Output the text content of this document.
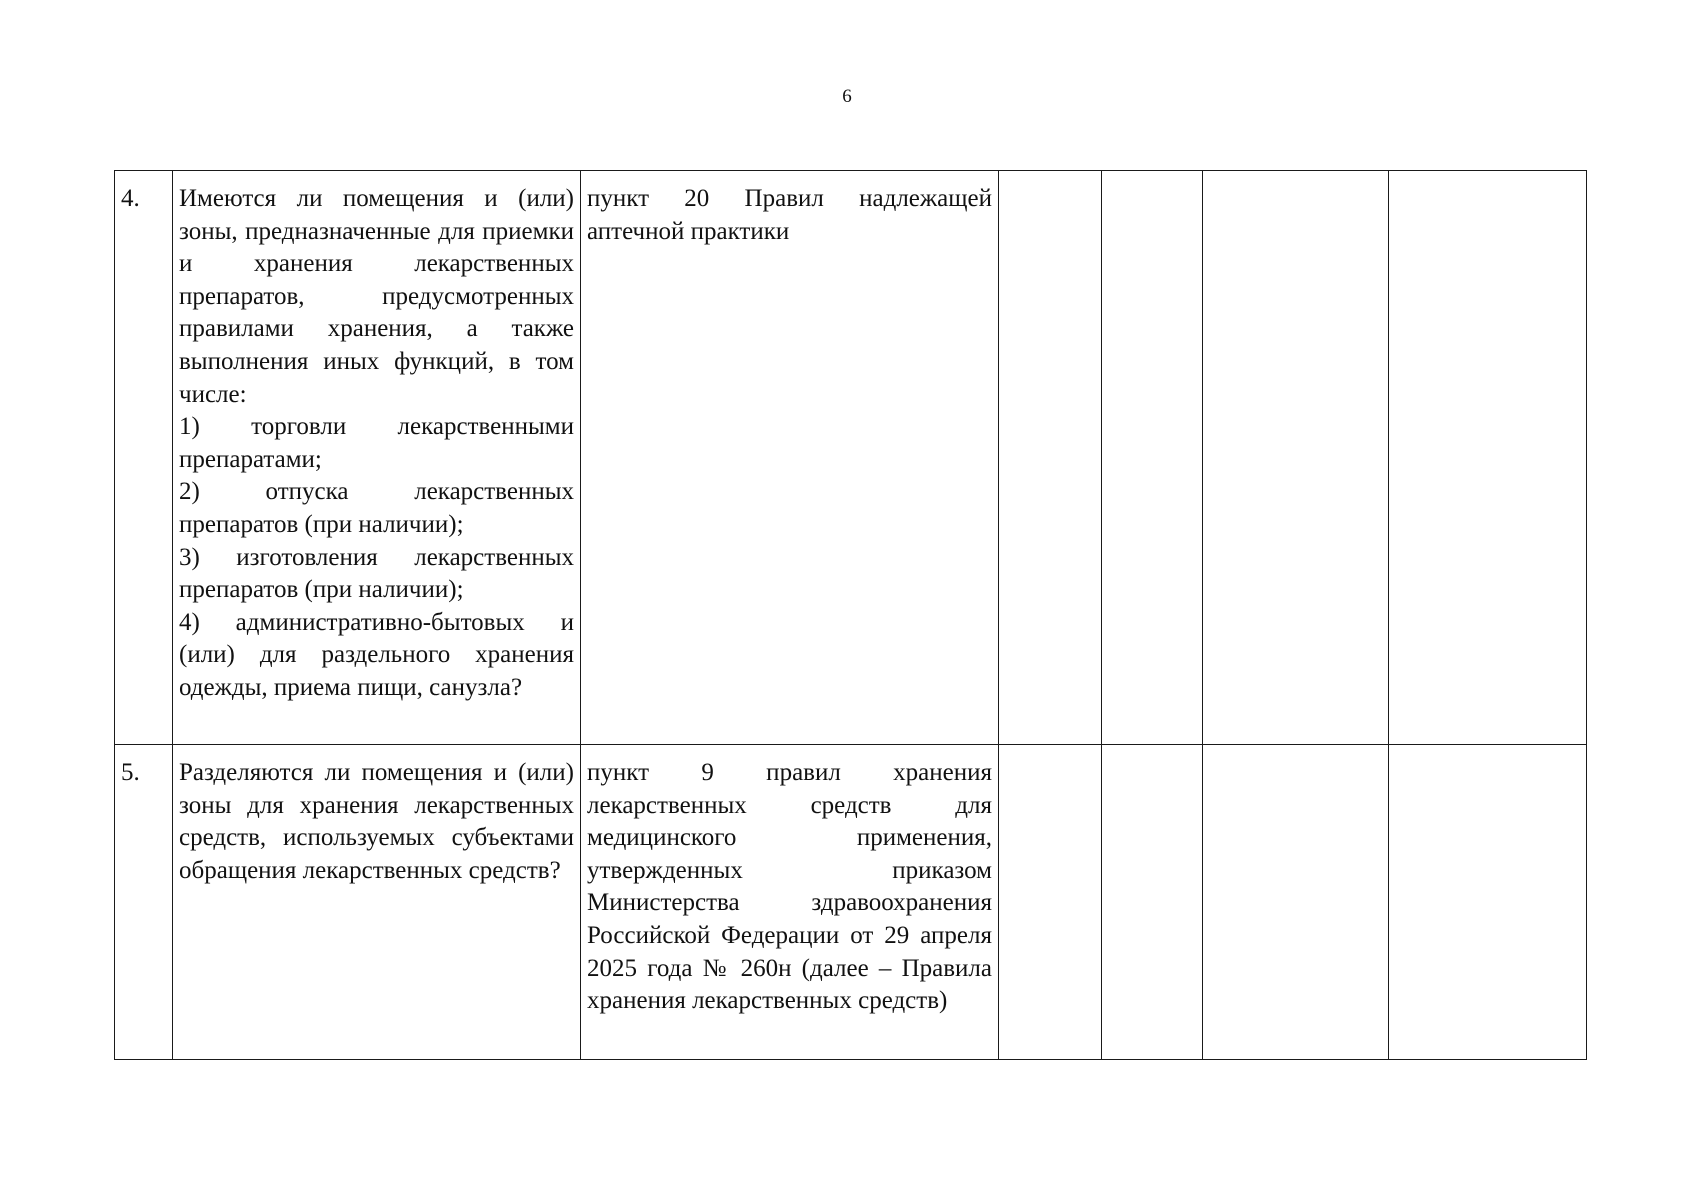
6
4.	Имеются ли помещения и (или) зоны, предназначенные для приемки и хранения лекарственных препаратов, предусмотренных правилами хранения, а также выполнения иных функций, в том числе:
1) торговли лекарственными препаратами;
2) отпуска лекарственных препаратов (при наличии);
3) изготовления лекарственных препаратов (при наличии);
4) административно-бытовых и (или) для раздельного хранения одежды, приема пищи, санузла?	пункт 20 Правил надлежащей аптечной практики				

5.	Разделяются ли помещения и (или) зоны для хранения лекарственных средств, используемых субъектами обращения лекарственных средств?	пункт 9 правил хранения лекарственных средств для медицинского применения, утвержденных приказом Министерства здравоохранения Российской Федерации от 29 апреля 2025 года № 260н (далее – Правила хранения лекарственных средств)				
